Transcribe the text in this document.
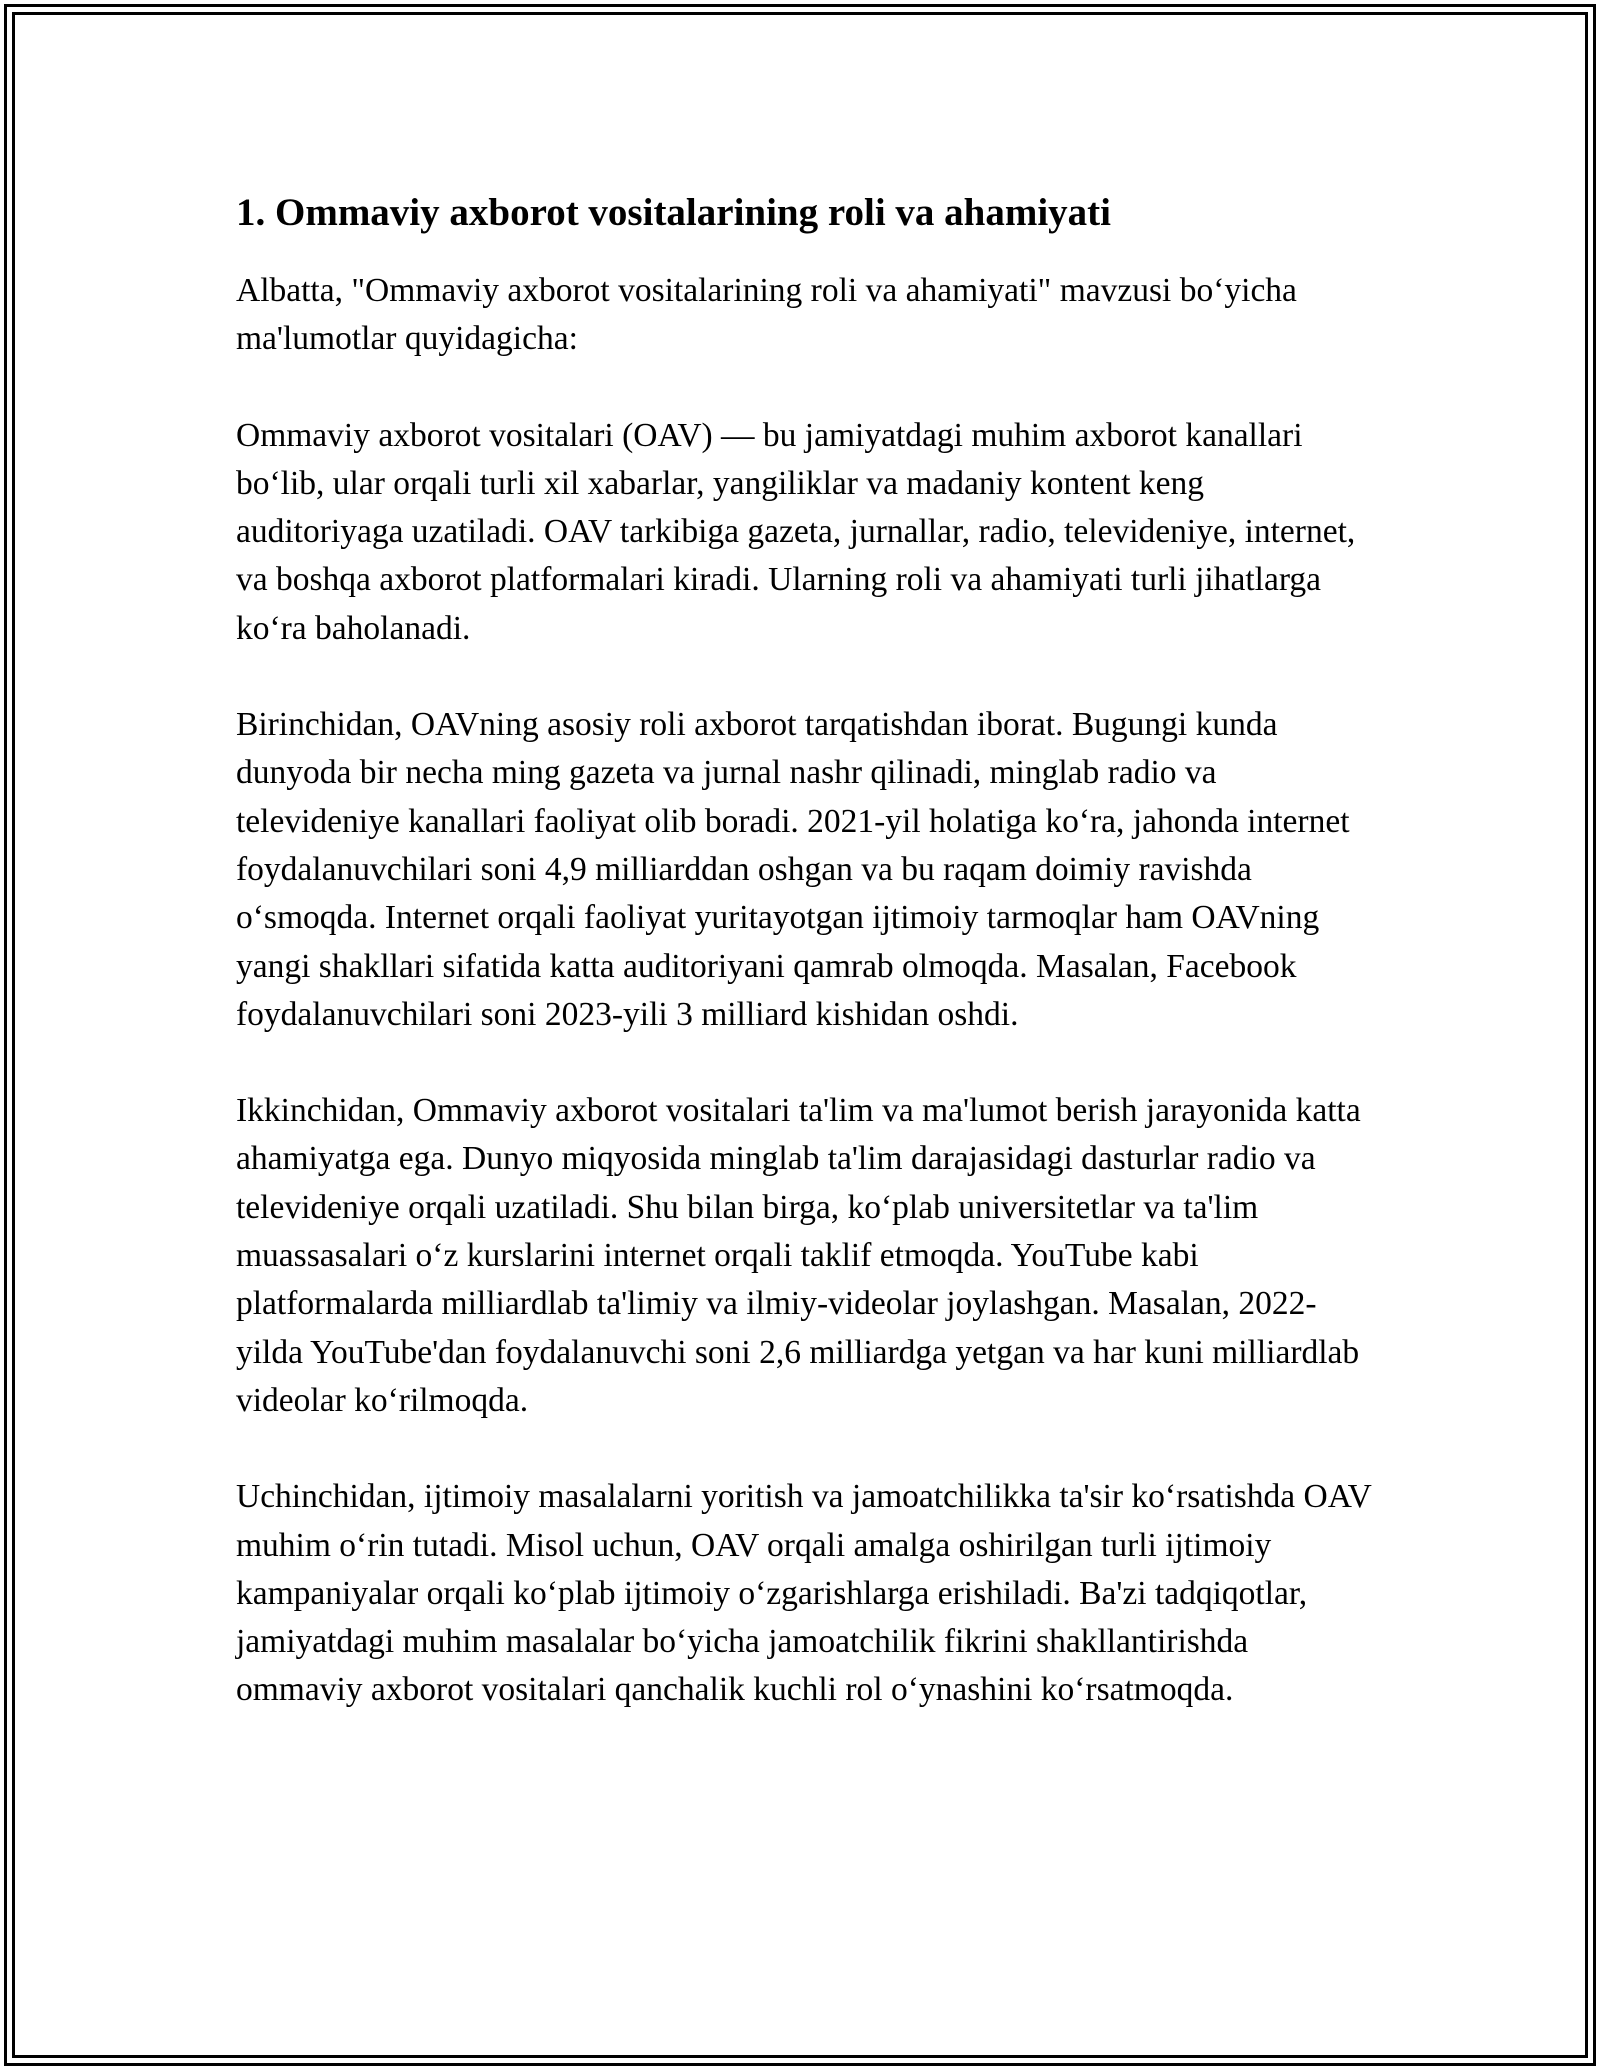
1. Ommaviy axborot vositalarining roli va ahamiyati

Albatta, "Ommaviy axborot vositalarining roli va ahamiyati" mavzusi bo‘yicha ma'lumotlar quyidagicha:

Ommaviy axborot vositalari (OAV) — bu jamiyatdagi muhim axborot kanallari bo‘lib, ular orqali turli xil xabarlar, yangiliklar va madaniy kontent keng auditoriyaga uzatiladi. OAV tarkibiga gazeta, jurnallar, radio, televideniye, internet, va boshqa axborot platformalari kiradi. Ularning roli va ahamiyati turli jihatlarga ko‘ra baholanadi.

Birinchidan, OAVning asosiy roli axborot tarqatishdan iborat. Bugungi kunda dunyoda bir necha ming gazeta va jurnal nashr qilinadi, minglab radio va televideniye kanallari faoliyat olib boradi. 2021-yil holatiga ko‘ra, jahonda internet foydalanuvchilari soni 4,9 milliarddan oshgan va bu raqam doimiy ravishda o‘smoqda. Internet orqali faoliyat yuritayotgan ijtimoiy tarmoqlar ham OAVning yangi shakllari sifatida katta auditoriyani qamrab olmoqda. Masalan, Facebook foydalanuvchilari soni 2023-yili 3 milliard kishidan oshdi.

Ikkinchidan, Ommaviy axborot vositalari ta'lim va ma'lumot berish jarayonida katta ahamiyatga ega. Dunyo miqyosida minglab ta'lim darajasidagi dasturlar radio va televideniye orqali uzatiladi. Shu bilan birga, ko‘plab universitetlar va ta'lim muassasalari o‘z kurslarini internet orqali taklif etmoqda. YouTube kabi platformalarda milliardlab ta'limiy va ilmiy-videolar joylashgan. Masalan, 2022-yilda YouTube'dan foydalanuvchi soni 2,6 milliardga yetgan va har kuni milliardlab videolar ko‘rilmoqda.

Uchinchidan, ijtimoiy masalalarni yoritish va jamoatchilikka ta'sir ko‘rsatishda OAV muhim o‘rin tutadi. Misol uchun, OAV orqali amalga oshirilgan turli ijtimoiy kampaniyalar orqali ko‘plab ijtimoiy o‘zgarishlarga erishiladi. Ba'zi tadqiqotlar, jamiyatdagi muhim masalalar bo‘yicha jamoatchilik fikrini shakllantirishda ommaviy axborot vositalari qanchalik kuchli rol o‘ynashini ko‘rsatmoqda.
